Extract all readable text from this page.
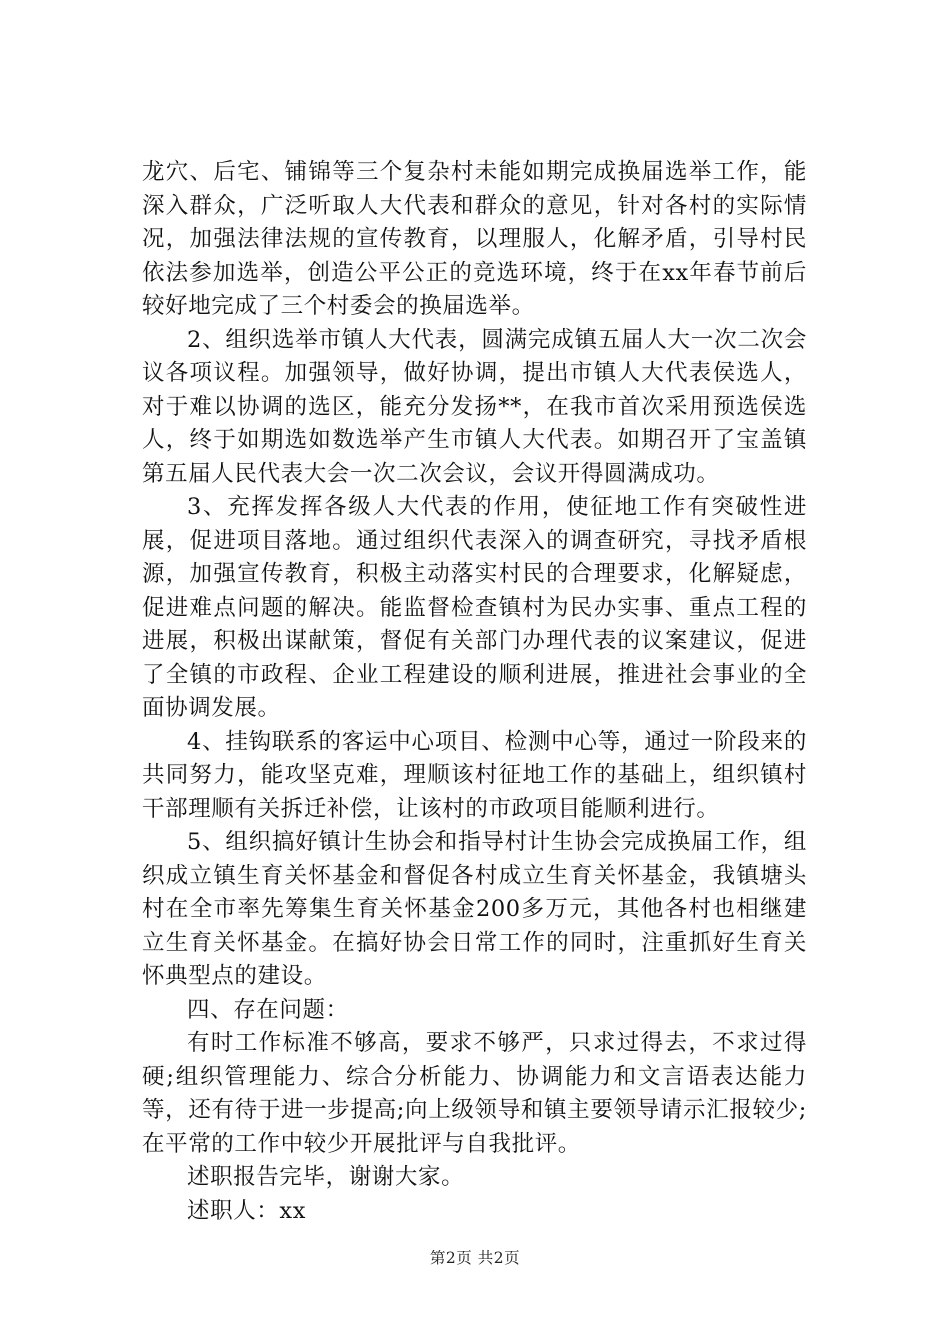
龙穴、后宅、铺锦等三个复杂村未能如期完成换届选举工作，能深入群众，广泛听取人大代表和群众的意见，针对各村的实际情况，加强法律法规的宣传教育，以理服人，化解矛盾，引导村民依法参加选举，创造公平公正的竞选环境，终于在xx年春节前后较好地完成了三个村委会的换届选举。

2、组织选举市镇人大代表，圆满完成镇五届人大一次二次会议各项议程。加强领导，做好协调，提出市镇人大代表侯选人，对于难以协调的选区，能充分发扬**，在我市首次采用预选侯选人，终于如期选如数选举产生市镇人大代表。如期召开了宝盖镇第五届人民代表大会一次二次会议，会议开得圆满成功。

3、充挥发挥各级人大代表的作用，使征地工作有突破性进展，促进项目落地。通过组织代表深入的调查研究，寻找矛盾根源，加强宣传教育，积极主动落实村民的合理要求，化解疑虑，促进难点问题的解决。能监督检查镇村为民办实事、重点工程的进展，积极出谋献策，督促有关部门办理代表的议案建议，促进了全镇的市政程、企业工程建设的顺利进展，推进社会事业的全面协调发展。

4、挂钩联系的客运中心项目、检测中心等，通过一阶段来的共同努力，能攻坚克难，理顺该村征地工作的基础上，组织镇村干部理顺有关拆迁补偿，让该村的市政项目能顺利进行。

5、组织搞好镇计生协会和指导村计生协会完成换届工作，组织成立镇生育关怀基金和督促各村成立生育关怀基金，我镇塘头村在全市率先筹集生育关怀基金200多万元，其他各村也相继建立生育关怀基金。在搞好协会日常工作的同时，注重抓好生育关怀典型点的建设。

四、存在问题：

有时工作标准不够高，要求不够严，只求过得去，不求过得硬;组织管理能力、综合分析能力、协调能力和文言语表达能力等，还有待于进一步提高;向上级领导和镇主要领导请示汇报较少;在平常的工作中较少开展批评与自我批评。

述职报告完毕，谢谢大家。

述职人：xx

第2页 共2页
